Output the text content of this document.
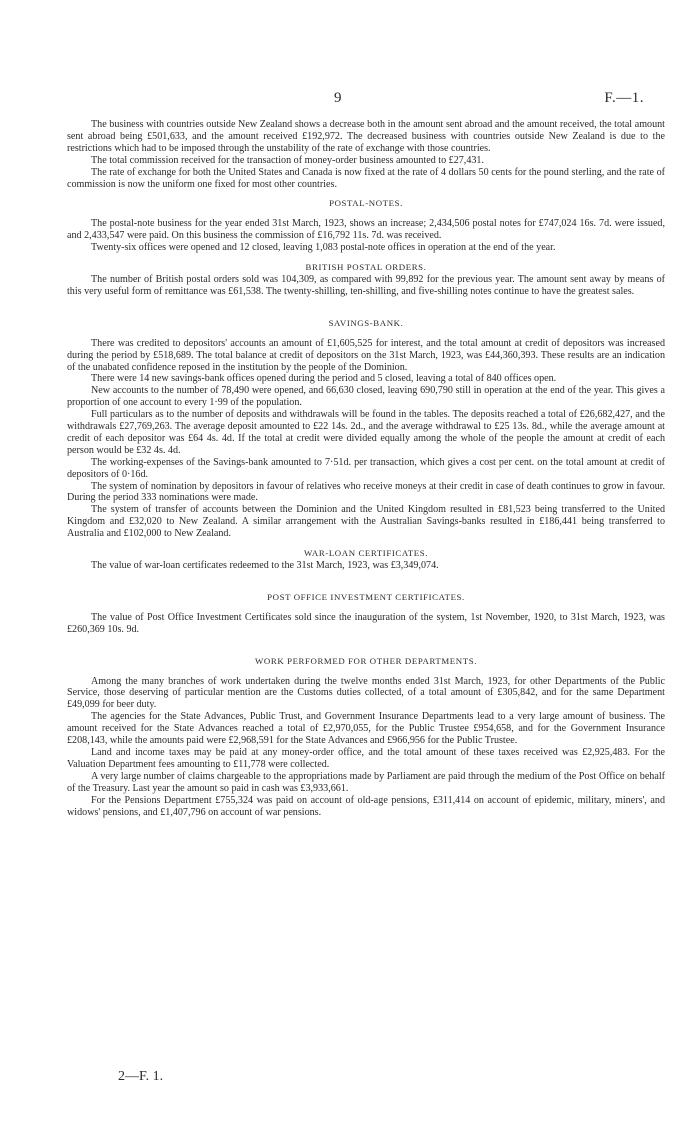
9	F.—1.

The business with countries outside New Zealand shows a decrease both in the amount sent abroad and the amount received, the total amount sent abroad being £501,633, and the amount received £192,972. The decreased business with countries outside New Zealand is due to the restrictions which had to be imposed through the unstability of the rate of exchange with those countries.

The total commission received for the transaction of money-order business amounted to £27,431.

The rate of exchange for both the United States and Canada is now fixed at the rate of 4 dollars 50 cents for the pound sterling, and the rate of commission is now the uniform one fixed for most other countries.

POSTAL-NOTES.

The postal-note business for the year ended 31st March, 1923, shows an increase; 2,434,506 postal notes for £747,024 16s. 7d. were issued, and 2,433,547 were paid. On this business the commission of £16,792 11s. 7d. was received.

Twenty-six offices were opened and 12 closed, leaving 1,083 postal-note offices in operation at the end of the year.

BRITISH POSTAL ORDERS.

The number of British postal orders sold was 104,309, as compared with 99,892 for the previous year. The amount sent away by means of this very useful form of remittance was £61,538. The twenty-shilling, ten-shilling, and five-shilling notes continue to have the greatest sales.

SAVINGS-BANK.

There was credited to depositors' accounts an amount of £1,605,525 for interest, and the total amount at credit of depositors was increased during the period by £518,689. The total balance at credit of depositors on the 31st March, 1923, was £44,360,393. These results are an indication of the unabated confidence reposed in the institution by the people of the Dominion.

There were 14 new savings-bank offices opened during the period and 5 closed, leaving a total of 840 offices open.

New accounts to the number of 78,490 were opened, and 66,630 closed, leaving 690,790 still in operation at the end of the year. This gives a proportion of one account to every 1·99 of the population.

Full particulars as to the number of deposits and withdrawals will be found in the tables. The deposits reached a total of £26,682,427, and the withdrawals £27,769,263. The average deposit amounted to £22 14s. 2d., and the average withdrawal to £25 13s. 8d., while the average amount at credit of each depositor was £64 4s. 4d. If the total at credit were divided equally among the whole of the people the amount at credit of each person would be £32 4s. 4d.

The working-expenses of the Savings-bank amounted to 7·51d. per transaction, which gives a cost per cent. on the total amount at credit of depositors of 0·16d.

The system of nomination by depositors in favour of relatives who receive moneys at their credit in case of death continues to grow in favour. During the period 333 nominations were made.

The system of transfer of accounts between the Dominion and the United Kingdom resulted in £81,523 being transferred to the United Kingdom and £32,020 to New Zealand. A similar arrangement with the Australian Savings-banks resulted in £186,441 being transferred to Australia and £102,000 to New Zealand.

WAR-LOAN CERTIFICATES.

The value of war-loan certificates redeemed to the 31st March, 1923, was £3,349,074.

POST OFFICE INVESTMENT CERTIFICATES.

The value of Post Office Investment Certificates sold since the inauguration of the system, 1st November, 1920, to 31st March, 1923, was £260,369 10s. 9d.

WORK PERFORMED FOR OTHER DEPARTMENTS.

Among the many branches of work undertaken during the twelve months ended 31st March, 1923, for other Departments of the Public Service, those deserving of particular mention are the Customs duties collected, of a total amount of £305,842, and for the same Department £49,099 for beer duty.

The agencies for the State Advances, Public Trust, and Government Insurance Departments lead to a very large amount of business. The amount received for the State Advances reached a total of £2,970,055, for the Public Trustee £954,658, and for the Government Insurance £208,143, while the amounts paid were £2,968,591 for the State Advances and £966,956 for the Public Trustee.

Land and income taxes may be paid at any money-order office, and the total amount of these taxes received was £2,925,483. For the Valuation Department fees amounting to £11,778 were collected.

A very large number of claims chargeable to the appropriations made by Parliament are paid through the medium of the Post Office on behalf of the Treasury. Last year the amount so paid in cash was £3,933,661.

For the Pensions Department £755,324 was paid on account of old-age pensions, £311,414 on account of epidemic, military, miners', and widows' pensions, and £1,407,796 on account of war pensions.

2—F. 1.
